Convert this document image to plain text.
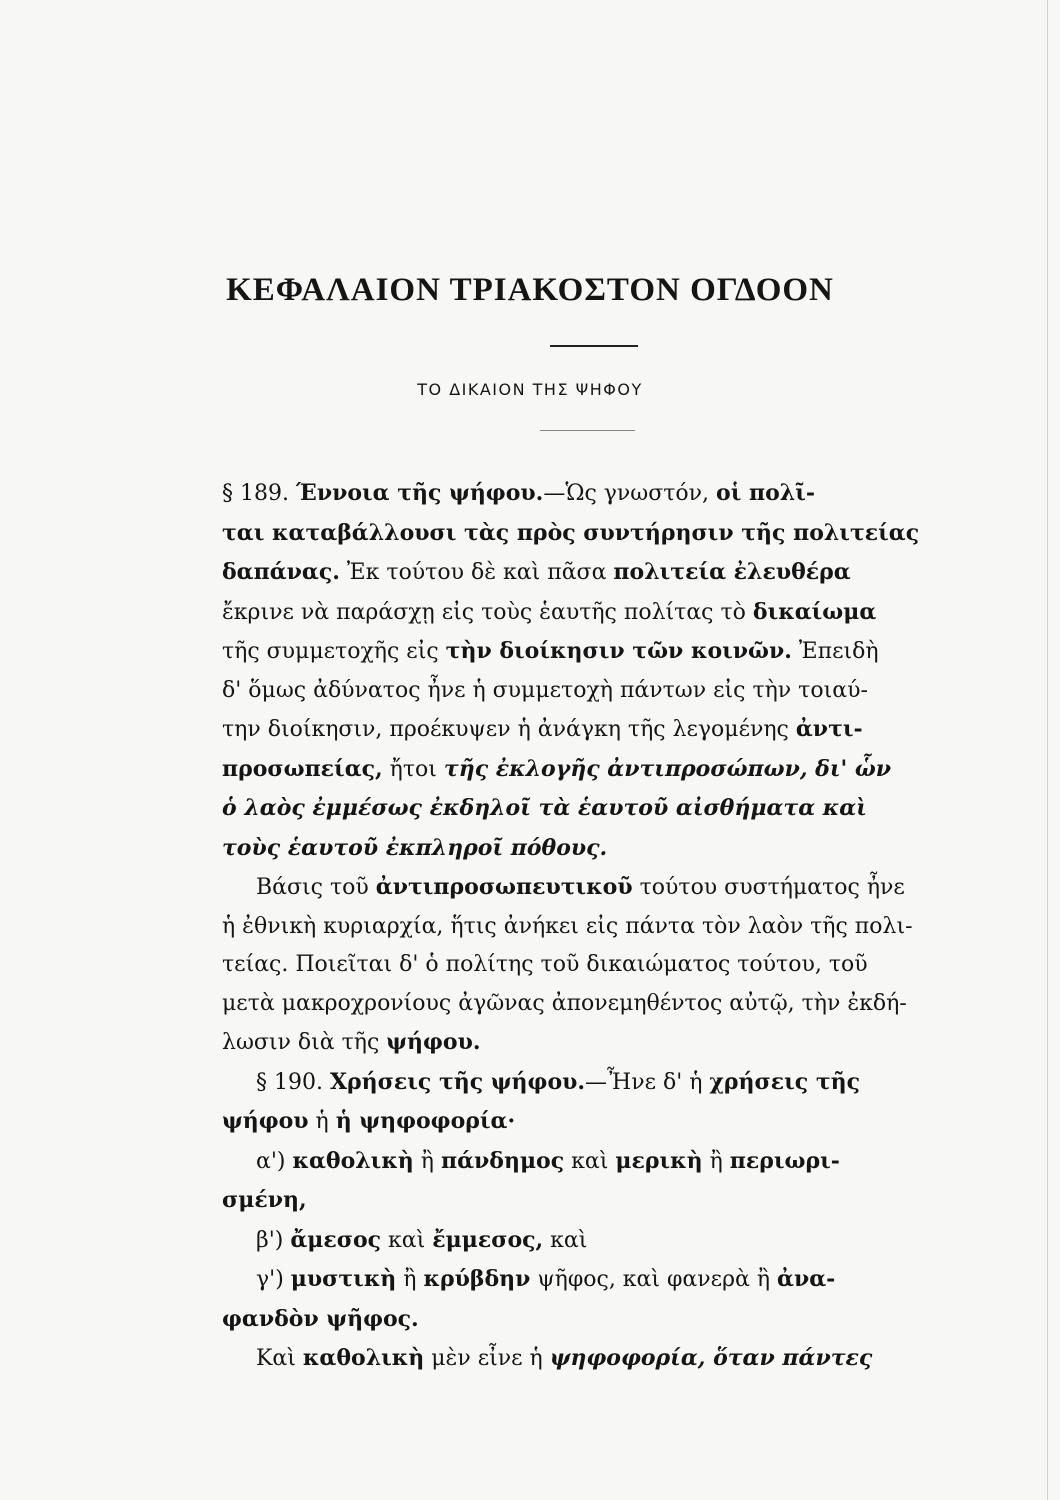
ΚΕΦΑΛΑΙΟΝ ΤΡΙΑΚΟΣΤΟΝ ΟΓΔΟΟΝ
ΤΟ ΔΙΚΑΙΟΝ ΤΗΣ ΨΗΦΟΥ
§ 189. Έννοια τῆς ψήφου.—Ὡς γνωστόν, οἱ πολῖ-
ται καταβάλλουσι τὰς πρὸς συντήρησιν τῆς πολιτείας
δαπάνας. Ἐκ τούτου δὲ καὶ πᾶσα πολιτεία ἐλευθέρα
ἔκρινε νὰ παράσχῃ εἰς τοὺς ἑαυτῆς πολίτας τὸ δικαίωμα
τῆς συμμετοχῆς εἰς τὴν διοίκησιν τῶν κοινῶν. Ἐπειδὴ
δ' ὅμως ἀδύνατος ἦνε ἡ συμμετοχὴ πάντων εἰς τὴν τοιαύ-
την διοίκησιν, προέκυψεν ἡ ἀνάγκη τῆς λεγομένης ἀντι-
προσωπείας, ἤτοι τῆς ἐκλογῆς ἀντιπροσώπων, δι' ὧν
ὁ λαὸς ἐμμέσως ἐκδηλοῖ τὰ ἑαυτοῦ αἰσθήματα καὶ
τοὺς ἑαυτοῦ ἐκπληροῖ πόθους.
Βάσις τοῦ ἀντιπροσωπευτικοῦ τούτου συστήματος ἦνε
ἡ ἐθνικὴ κυριαρχία, ἥτις ἀνήκει εἰς πάντα τὸν λαὸν τῆς πολι-
τείας. Ποιεῖται δ' ὁ πολίτης τοῦ δικαιώματος τούτου, τοῦ
μετὰ μακροχρονίους ἀγῶνας ἀπονεμηθέντος αὐτῷ, τὴν ἐκδή-
λωσιν διὰ τῆς ψήφου.
§ 190. Χρήσεις τῆς ψήφου.—Ἦνε δ' ἡ χρήσεις τῆς
ψήφου ἡ ἡ ψηφοφορία·
α') καθολικὴ ἢ πάνδημος καὶ μερικὴ ἢ περιωρι-
σμένη,
β') ἄμεσος καὶ ἔμμεσος, καὶ
γ') μυστικὴ ἢ κρύβδην ψῆφος, καὶ φανερὰ ἢ ἀνα-
φανδὸν ψῆφος.
Καὶ καθολικὴ μὲν εἶνε ἡ ψηφοφορία, ὅταν πάντες
